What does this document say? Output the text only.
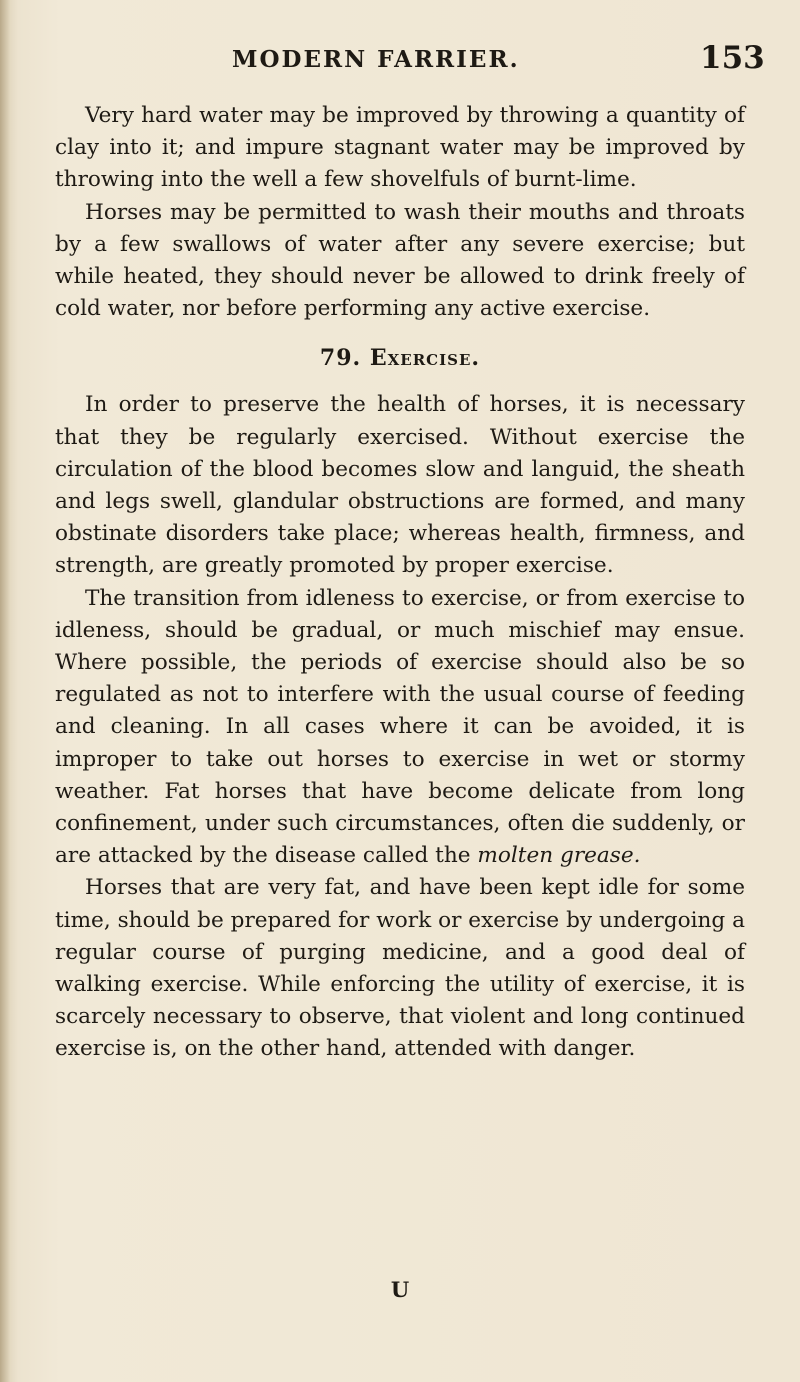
MODERN FARRIER.	153

Very hard water may be improved by throwing a quantity of clay into it; and impure stagnant water may be improved by throwing into the well a few shovelfuls of burnt-lime.

Horses may be permitted to wash their mouths and throats by a few swallows of water after any severe exercise; but while heated, they should never be allowed to drink freely of cold water, nor before performing any active exercise.

79. Exercise.

In order to preserve the health of horses, it is necessary that they be regularly exercised. Without exercise the circulation of the blood becomes slow and languid, the sheath and legs swell, glandular obstructions are formed, and many obstinate disorders take place; whereas health, firmness, and strength, are greatly promoted by proper exercise.

The transition from idleness to exercise, or from exercise to idleness, should be gradual, or much mischief may ensue. Where possible, the periods of exercise should also be so regulated as not to interfere with the usual course of feeding and cleaning. In all cases where it can be avoided, it is improper to take out horses to exercise in wet or stormy weather. Fat horses that have become delicate from long confinement, under such circumstances, often die suddenly, or are attacked by the disease called the molten grease.

Horses that are very fat, and have been kept idle for some time, should be prepared for work or exercise by undergoing a regular course of purging medicine, and a good deal of walking exercise. While enforcing the utility of exercise, it is scarcely necessary to observe, that violent and long continued exercise is, on the other hand, attended with danger.

U
